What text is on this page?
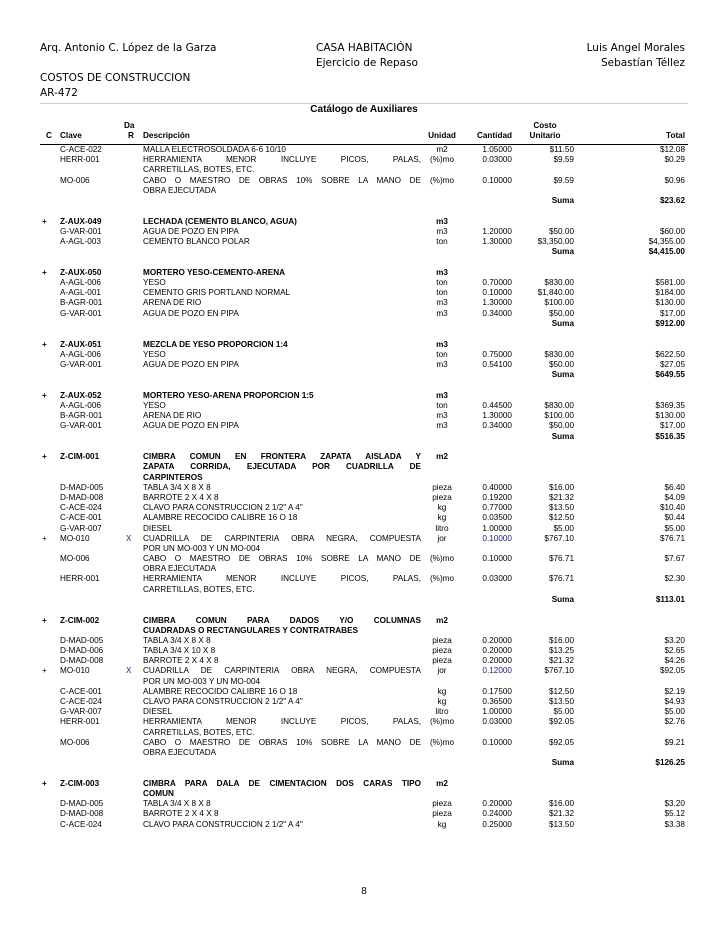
Arq. Antonio C. López de la Garza	CASA HABITACIÓN
Ejercicio de Repaso
Luis Angel Morales
Sebastían Téllez
COSTOS DE CONSTRUCCION
AR-472
Catálogo de Auxiliares
C Clave
Da
R Descripción	Unidad	Cantidad
Costo
Unitario	Total
C-ACE-022	MALLA ELECTROSOLDADA 6-6 10/10	m2	1.05000	$11.50	$12.08
HERR-001	HERRAMIENTA MENOR INCLUYE PICOS, PALAS,	(%)mo	0.03000	$9.59	$0.29
CARRETILLAS, BOTES, ETC.
MO-006	CABO O MAESTRO DE OBRAS 10% SOBRE LA MANO DE	(%)mo	0.10000	$9.59	$0.96
OBRA EJECUTADA
Suma	$23.62
+ Z-AUX-049	LECHADA (CEMENTO BLANCO, AGUA)	m3
G-VAR-001	AGUA DE POZO EN PIPA	m3	1.20000	$50.00	$60.00
A-AGL-003	CEMENTO BLANCO POLAR	ton	1.30000	$3,350.00	$4,355.00
Suma	$4,415.00
+ Z-AUX-050	MORTERO YESO-CEMENTO-ARENA	m3
A-AGL-006	YESO	ton	0.70000	$830.00	$581.00
A-AGL-001	CEMENTO GRIS PORTLAND NORMAL	ton	0.10000	$1,840.00	$184.00
B-AGR-001	ARENA DE RIO	m3	1.30000	$100.00	$130.00
G-VAR-001	AGUA DE POZO EN PIPA	m3	0.34000	$50.00	$17.00
Suma	$912.00
+ Z-AUX-051	MEZCLA DE YESO PROPORCION 1:4	m3
A-AGL-006	YESO	ton	0.75000	$830.00	$622.50
G-VAR-001	AGUA DE POZO EN PIPA	m3	0.54100	$50.00	$27.05
Suma	$649.55
+ Z-AUX-052	MORTERO YESO-ARENA PROPORCION 1:5	m3
A-AGL-006	YESO	ton	0.44500	$830.00	$369.35
B-AGR-001	ARENA DE RIO	m3	1.30000	$100.00	$130.00
G-VAR-001	AGUA DE POZO EN PIPA	m3	0.34000	$50.00	$17.00
Suma	$516.35
+ Z-CIM-001	CIMBRA COMUN EN FRONTERA ZAPATA AISLADA Y	m2
ZAPATA CORRIDA, EJECUTADA POR CUADRILLA DE
CARPINTEROS
D-MAD-005	TABLA 3/4 X 8 X 8	pieza	0.40000	$16.00	$6.40
D-MAD-008	BARROTE 2 X 4 X 8	pieza	0.19200	$21.32	$4.09
C-ACE-024	CLAVO PARA CONSTRUCCION 2 1/2" A 4"	kg	0.77000	$13.50	$10.40
C-ACE-001	ALAMBRE RECOCIDO CALIBRE 16 O 18	kg	0.03500	$12.50	$0.44
G-VAR-007	DIESEL	litro	1.00000	$5.00	$5.00
+ MO-010	X CUADRILLA DE CARPINTERIA OBRA NEGRA, COMPUESTA	jor	0.10000	$767.10	$76.71
POR UN MO-003 Y UN MO-004
MO-006	CABO O MAESTRO DE OBRAS 10% SOBRE LA MANO DE	(%)mo	0.10000	$76.71	$7.67
OBRA EJECUTADA
HERR-001	HERRAMIENTA MENOR INCLUYE PICOS, PALAS,	(%)mo	0.03000	$76.71	$2.30
CARRETILLAS, BOTES, ETC.
Suma	$113.01
+ Z-CIM-002	CIMBRA COMUN PARA DADOS Y/O COLUMNAS	m2
CUADRADAS O RECTANGULARES Y CONTRATRABES
D-MAD-005	TABLA 3/4 X 8 X 8	pieza	0.20000	$16.00	$3.20
D-MAD-006	TABLA 3/4 X 10 X 8	pieza	0.20000	$13.25	$2.65
D-MAD-008	BARROTE 2 X 4 X 8	pieza	0.20000	$21.32	$4.26
+ MO-010	X CUADRILLA DE CARPINTERIA OBRA NEGRA, COMPUESTA	jor	0.12000	$767.10	$92.05
POR UN MO-003 Y UN MO-004
C-ACE-001	ALAMBRE RECOCIDO CALIBRE 16 O 18	kg	0.17500	$12.50	$2.19
C-ACE-024	CLAVO PARA CONSTRUCCION 2 1/2" A 4"	kg	0.36500	$13.50	$4.93
G-VAR-007	DIESEL	litro	1.00000	$5.00	$5.00
HERR-001	HERRAMIENTA MENOR INCLUYE PICOS, PALAS,	(%)mo	0.03000	$92.05	$2.76
CARRETILLAS, BOTES, ETC.
MO-006	CABO O MAESTRO DE OBRAS 10% SOBRE LA MANO DE	(%)mo	0.10000	$92.05	$9.21
OBRA EJECUTADA
Suma	$126.25
+ Z-CIM-003	CIMBRA PARA DALA DE CIMENTACION DOS CARAS TIPO	m2
COMUN
D-MAD-005	TABLA 3/4 X 8 X 8	pieza	0.20000	$16.00	$3.20
D-MAD-008	BARROTE 2 X 4 X 8	pieza	0.24000	$21.32	$5.12
C-ACE-024	CLAVO PARA CONSTRUCCION 2 1/2" A 4"	kg	0.25000	$13.50	$3.38
8
